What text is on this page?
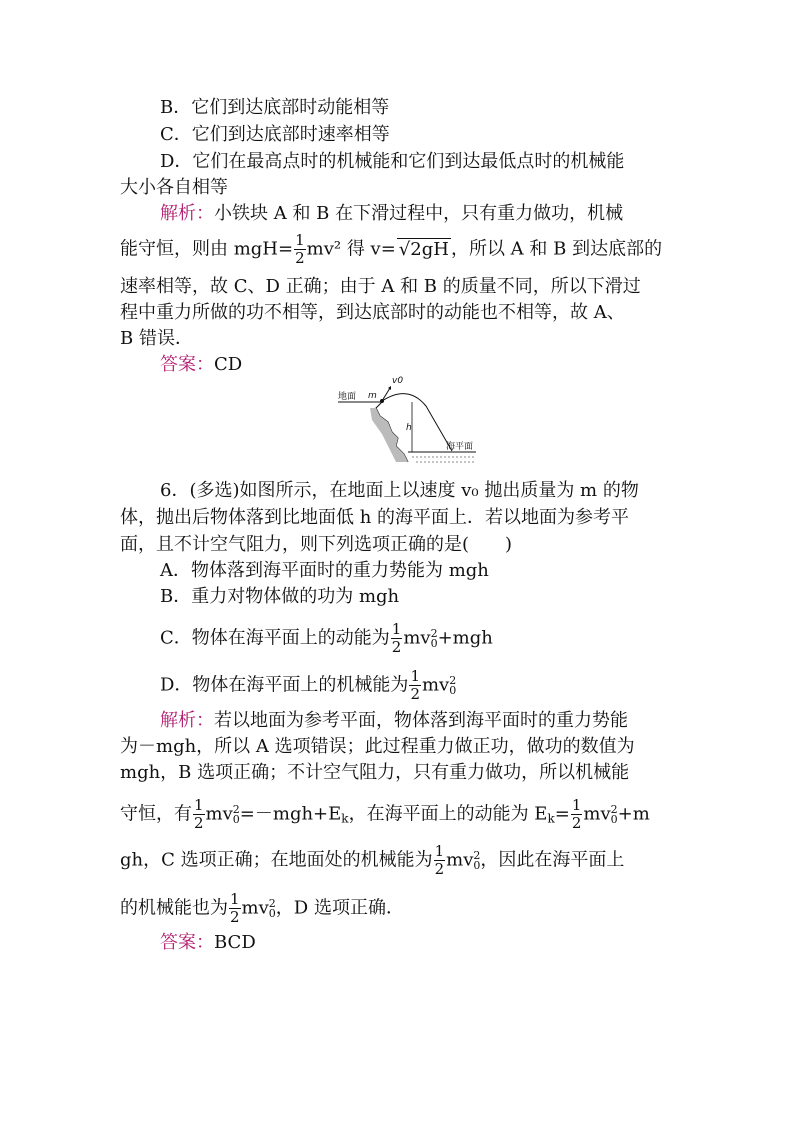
B．它们到达底部时动能相等
C．它们到达底部时速率相等
D．它们在最高点时的机械能和它们到达最低点时的机械能
大小各自相等
解析：小铁块 A 和 B 在下滑过程中，只有重力做功，机械
能守恒，则由 $mgH= \frac{1}{2} mv^2$ 得 v= √2gH ，所以 A 和 B 到达底部的
速率相等，故 C、D 正确；由于 A 和 B 的质量不同，所以下滑过
程中重力所做的功不相等，到达底部时的动能也不相等，故 A、
B 错误．
答案：CD
地面 m
v0
h
海平面
6．(多选)如图所示，在地面上以速度 v₀ 抛出质量为 m 的物
体，抛出后物体落到比地面低 h 的海平面上．若以地面为参考平
面，且不计空气阻力，则下列选项正确的是(　　)
A．物体落到海平面时的重力势能为 mgh
B．重力对物体做的功为 mgh
C．物体在海平面上的动能为 $\frac{1}{2}$ mv 2
0 +mgh
D．物体在海平面上的机械能为 $\frac{1}{2}$ mv 2
0
解析：若以地面为参考平面，物体落到海平面时的重力势能
为－mgh，所以 A 选项错误；此过程重力做正功，做功的数值为
mgh，B 选项正确；不计空气阻力，只有重力做功，所以机械能
守恒，有 $\frac{1}{2}$ mv 2
$0 =-mgh+E_k$，在海平面上的动能为 $E_k= \frac{1}{2}$ mv 2
0 +m
gh，C 选项正确；在地面处的机械能为 $\frac{1}{2}$ mv 2
0 ，因此在海平面上
的机械能也为 $\frac{1}{2}$ mv 2
0 ，D 选项正确．
答案：BCD
